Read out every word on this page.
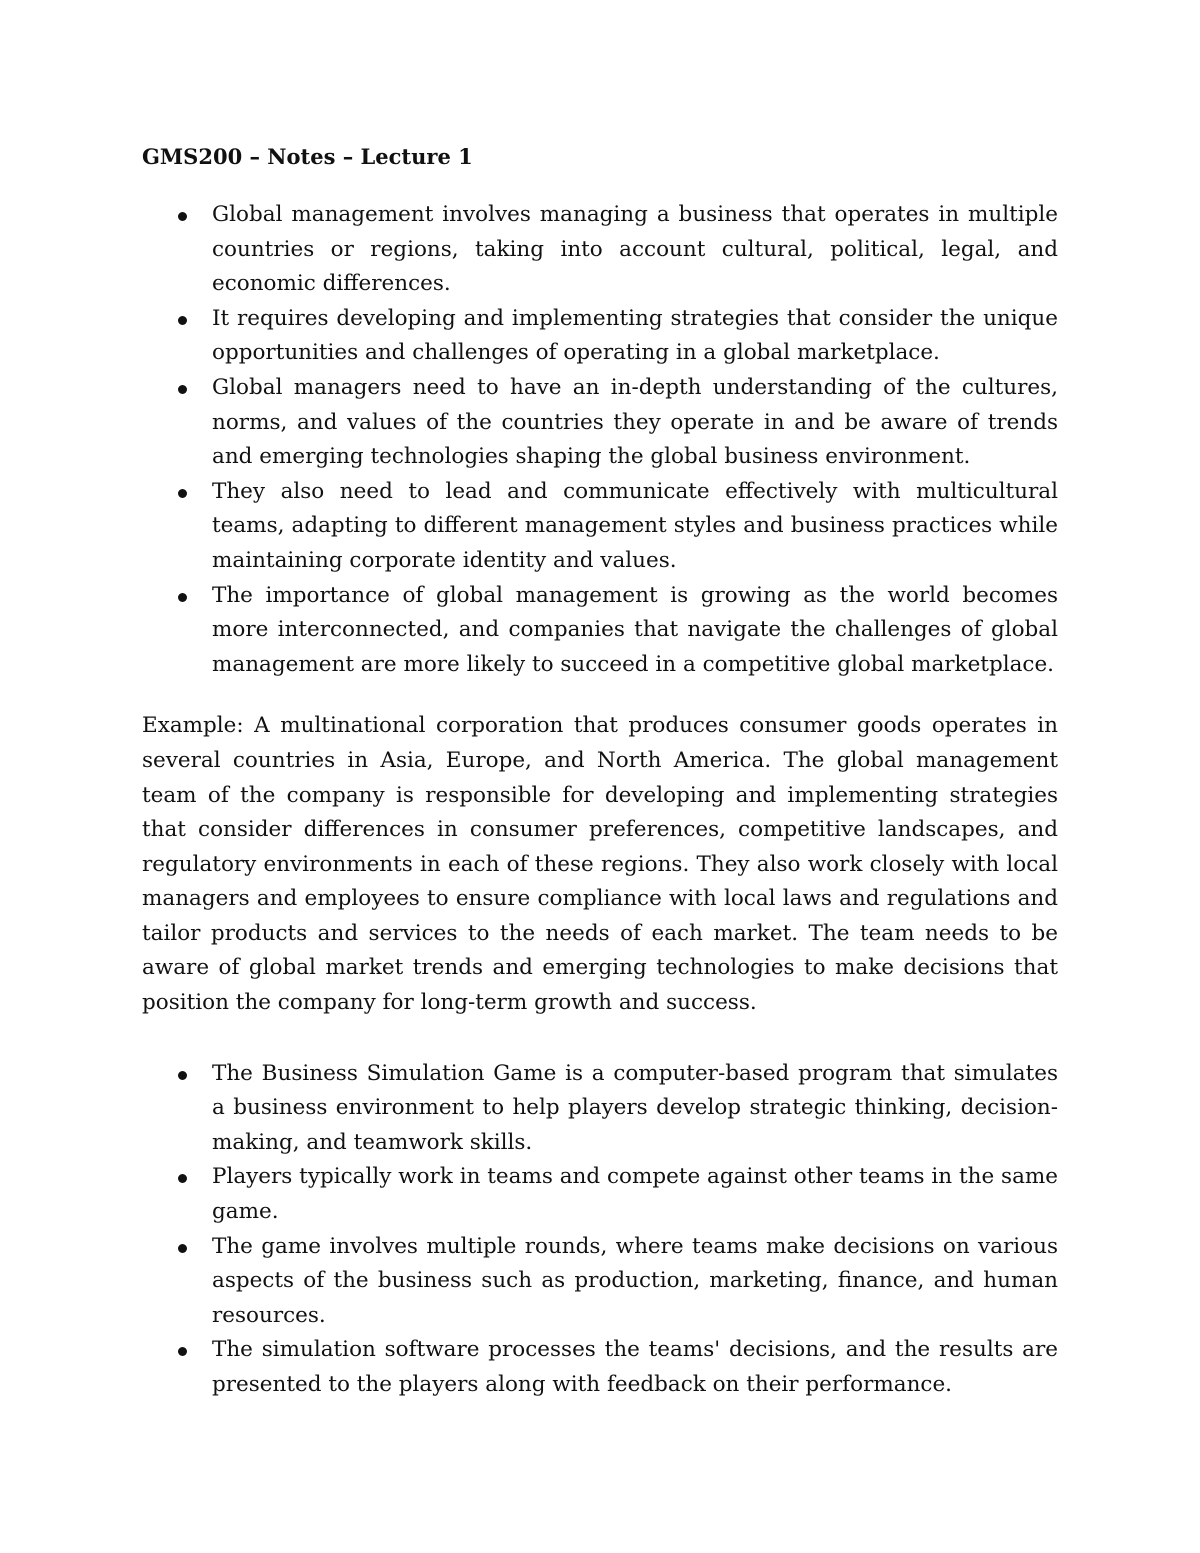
GMS200 – Notes – Lecture 1
Global management involves managing a business that operates in multiple countries or regions, taking into account cultural, political, legal, and economic differences.
It requires developing and implementing strategies that consider the unique opportunities and challenges of operating in a global marketplace.
Global managers need to have an in-depth understanding of the cultures, norms, and values of the countries they operate in and be aware of trends and emerging technologies shaping the global business environment.
They also need to lead and communicate effectively with multicultural teams, adapting to different management styles and business practices while maintaining corporate identity and values.
The importance of global management is growing as the world becomes more interconnected, and companies that navigate the challenges of global management are more likely to succeed in a competitive global marketplace.

Example: A multinational corporation that produces consumer goods operates in several countries in Asia, Europe, and North America. The global management team of the company is responsible for developing and implementing strategies that consider differences in consumer preferences, competitive landscapes, and regulatory environments in each of these regions. They also work closely with local managers and employees to ensure compliance with local laws and regulations and tailor products and services to the needs of each market. The team needs to be aware of global market trends and emerging technologies to make decisions that position the company for long-term growth and success.

The Business Simulation Game is a computer-based program that simulates a business environment to help players develop strategic thinking, decision-making, and teamwork skills.
Players typically work in teams and compete against other teams in the same game.
The game involves multiple rounds, where teams make decisions on various aspects of the business such as production, marketing, finance, and human resources.
The simulation software processes the teams' decisions, and the results are presented to the players along with feedback on their performance.
